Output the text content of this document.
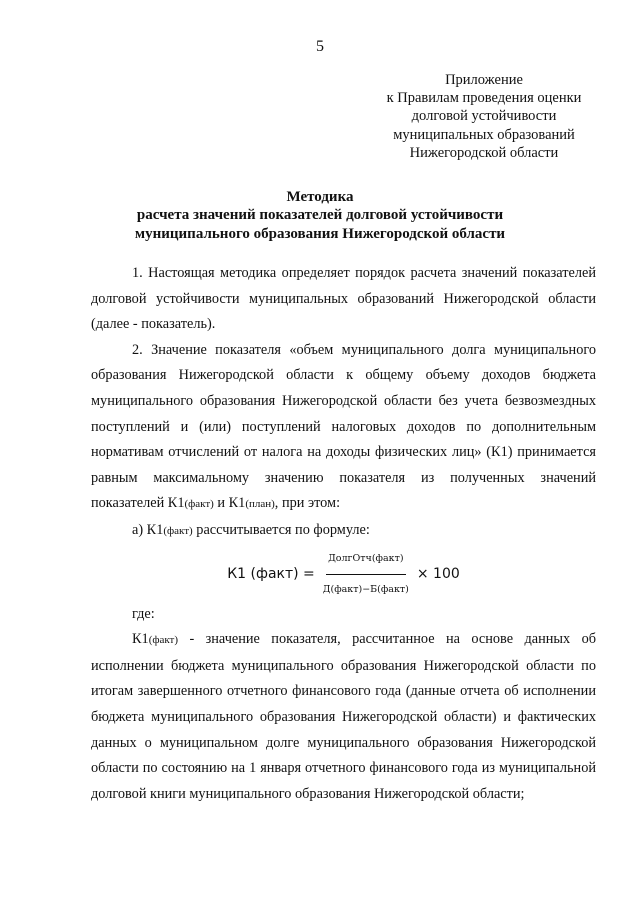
5
Приложение
к Правилам проведения оценки
долговой устойчивости
муниципальных образований
Нижегородской области
Методика
расчета значений показателей долговой устойчивости
муниципального образования Нижегородской области

1. Настоящая методика определяет порядок расчета значений показателей долговой устойчивости муниципальных образований Нижегородской области (далее - показатель).

2. Значение показателя «объем муниципального долга муниципального образования Нижегородской области к общему объему доходов бюджета муниципального образования Нижегородской области без учета безвозмездных поступлений и (или) поступлений налоговых доходов по дополнительным нормативам отчислений от налога на доходы физических лиц» (К1) принимается равным максимальному значению показателя из полученных значений показателей К1(факт) и К1(план), при этом:

а) К1(факт) рассчитывается по формуле:

К1 (факт) = $\frac{\text{ДолгОтч(факт)}}{\text{Д(факт)−Б(факт)}} \times 100$

где:

К1(факт) - значение показателя, рассчитанное на основе данных об исполнении бюджета муниципального образования Нижегородской области по итогам завершенного отчетного финансового года (данные отчета об исполнении бюджета муниципального образования Нижегородской области) и фактических данных о муниципальном долге муниципального образования Нижегородской области по состоянию на 1 января отчетного финансового года из муниципальной долговой книги муниципального образования Нижегородской области;
